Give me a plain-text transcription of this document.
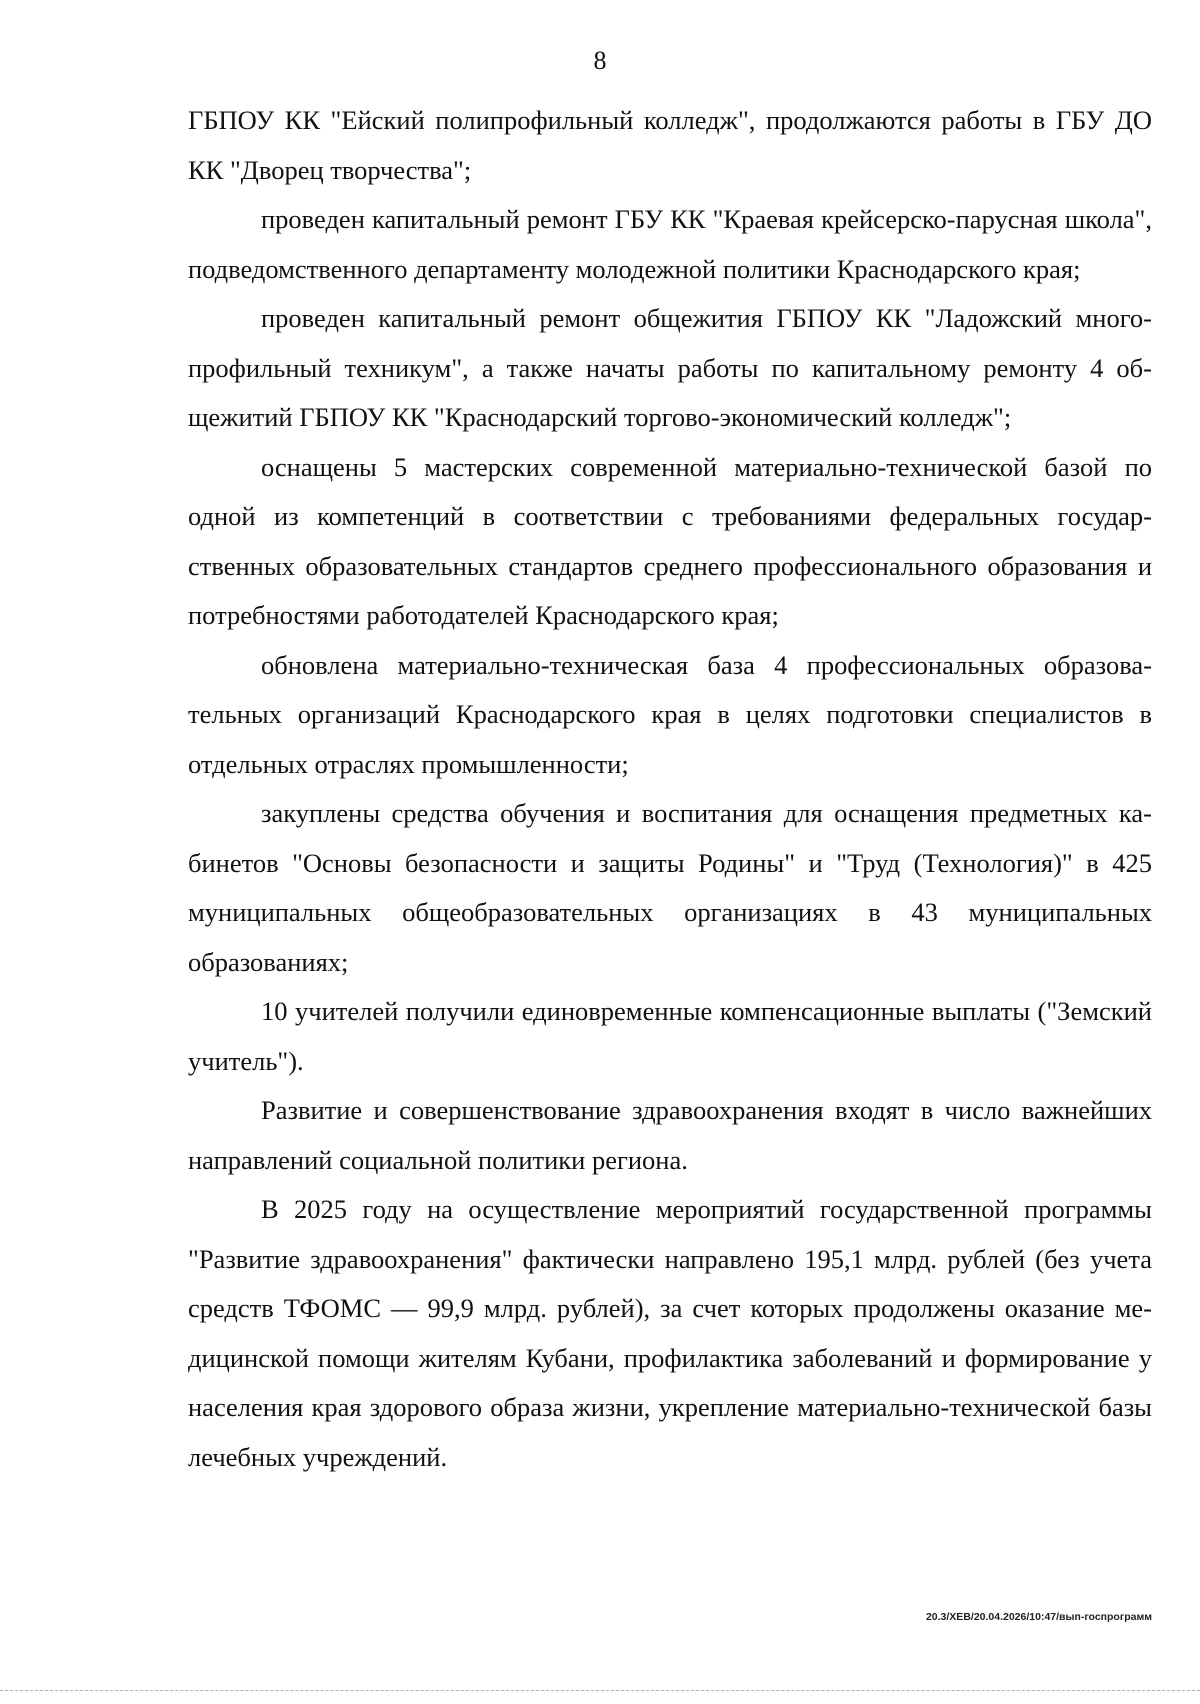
8

ГБПОУ КК "Ейский полипрофильный колледж", продолжаются работы в ГБУ ДО КК "Дворец творчества";

проведен капитальный ремонт ГБУ КК "Краевая крейсерско-парусная школа", подведомственного департаменту молодежной политики Краснодарского края;

проведен капитальный ремонт общежития ГБПОУ КК "Ладожский многопрофильный техникум", а также начаты работы по капитальному ремонту 4 общежитий ГБПОУ КК "Краснодарский торгово-экономический колледж";

оснащены 5 мастерских современной материально-технической базой по одной из компетенций в соответствии с требованиями федеральных государственных образовательных стандартов среднего профессионального образования и потребностями работодателей Краснодарского края;

обновлена материально-техническая база 4 профессиональных образовательных организаций Краснодарского края в целях подготовки специалистов в отдельных отраслях промышленности;

закуплены средства обучения и воспитания для оснащения предметных кабинетов "Основы безопасности и защиты Родины" и "Труд (Технология)" в 425 муниципальных общеобразовательных организациях в 43 муниципальных образованиях;

10 учителей получили единовременные компенсационные выплаты ("Земский учитель").

Развитие и совершенствование здравоохранения входят в число важнейших направлений социальной политики региона.

В 2025 году на осуществление мероприятий государственной программы "Развитие здравоохранения" фактически направлено 195,1 млрд. рублей (без учета средств ТФОМС — 99,9 млрд. рублей), за счет которых продолжены оказание медицинской помощи жителям Кубани, профилактика заболеваний и формирование у населения края здорового образа жизни, укрепление материально-технической базы лечебных учреждений.

20.3/ХЕВ/20.04.2026/10:47/вып-госпрограмм
